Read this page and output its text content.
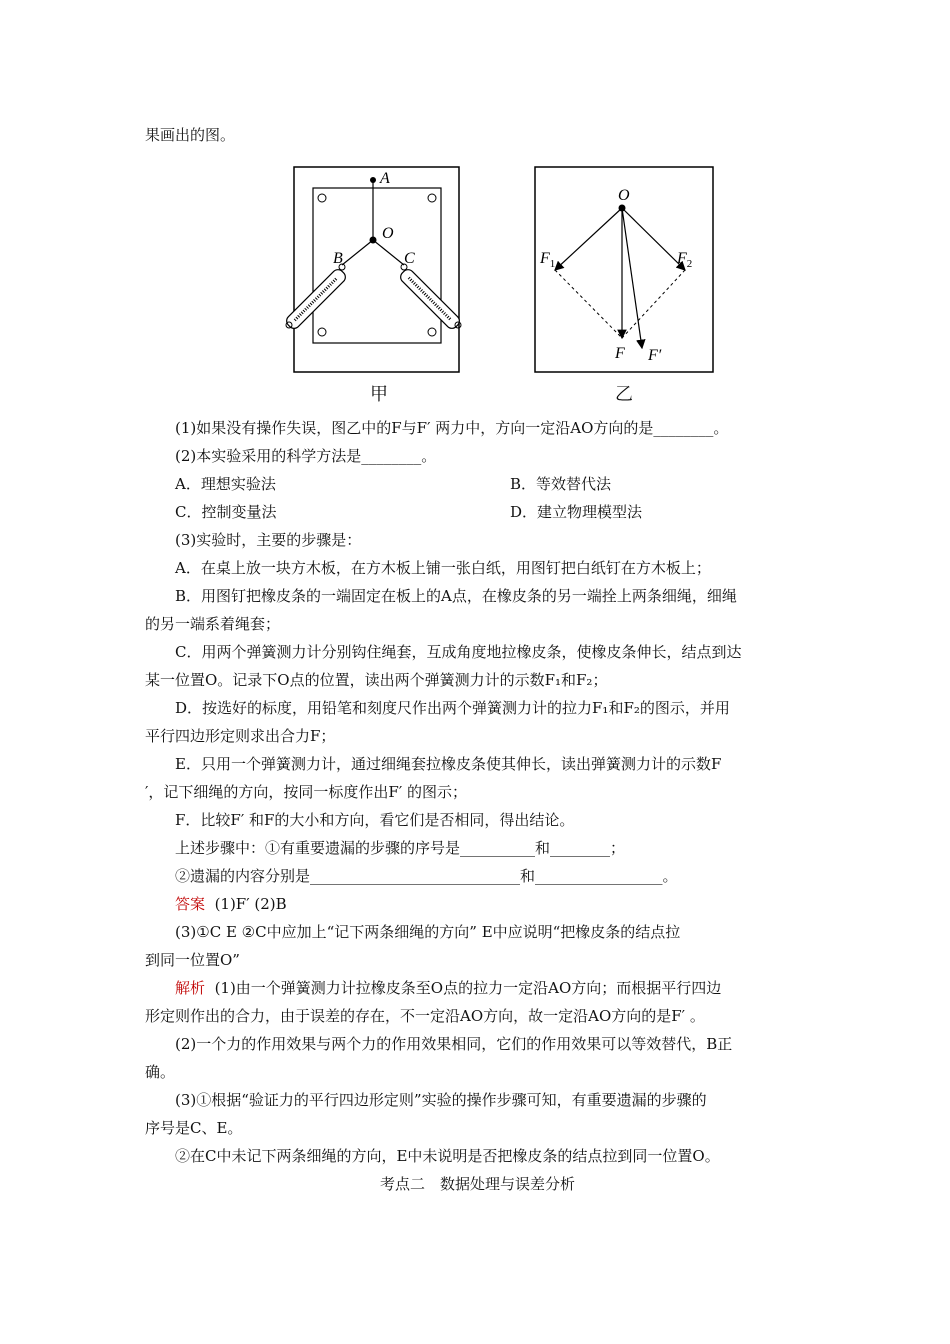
果画出的图。
A
O
B	C
甲
O
$F_1$	$F_2$
F F′
乙
(1)如果没有操作失误，图乙中的F与F′ 两力中，方向一定沿AO方向的是________。
(2)本实验采用的科学方法是________。
A．理想实验法	B．等效替代法
C．控制变量法	D．建立物理模型法
(3)实验时，主要的步骤是：
A．在桌上放一块方木板，在方木板上铺一张白纸，用图钉把白纸钉在方木板上；
B．用图钉把橡皮条的一端固定在板上的A点，在橡皮条的另一端拴上两条细绳，细绳
的另一端系着绳套；
C．用两个弹簧测力计分别钩住绳套，互成角度地拉橡皮条，使橡皮条伸长，结点到达
某一位置O。记录下O点的位置，读出两个弹簧测力计的示数F₁和F₂；
D．按选好的标度，用铅笔和刻度尺作出两个弹簧测力计的拉力F₁和F₂的图示，并用
平行四边形定则求出合力F；
E．只用一个弹簧测力计，通过细绳套拉橡皮条使其伸长，读出弹簧测力计的示数F
′，记下细绳的方向，按同一标度作出F′ 的图示；
F．比较F′ 和F的大小和方向，看它们是否相同，得出结论。
上述步骤中：①有重要遗漏的步骤的序号是__________和________；
②遗漏的内容分别是____________________________和_________________。
答案 (1)F′ (2)B
(3)①C E ②C中应加上“记下两条细绳的方向” E中应说明“把橡皮条的结点拉
到同一位置O”
解析 (1)由一个弹簧测力计拉橡皮条至O点的拉力一定沿AO方向；而根据平行四边
形定则作出的合力，由于误差的存在，不一定沿AO方向，故一定沿AO方向的是F′ 。
(2)一个力的作用效果与两个力的作用效果相同，它们的作用效果可以等效替代，B正
确。
(3)①根据“验证力的平行四边形定则”实验的操作步骤可知，有重要遗漏的步骤的
序号是C、E。
②在C中未记下两条细绳的方向，E中未说明是否把橡皮条的结点拉到同一位置O。
考点二　数据处理与误差分析
